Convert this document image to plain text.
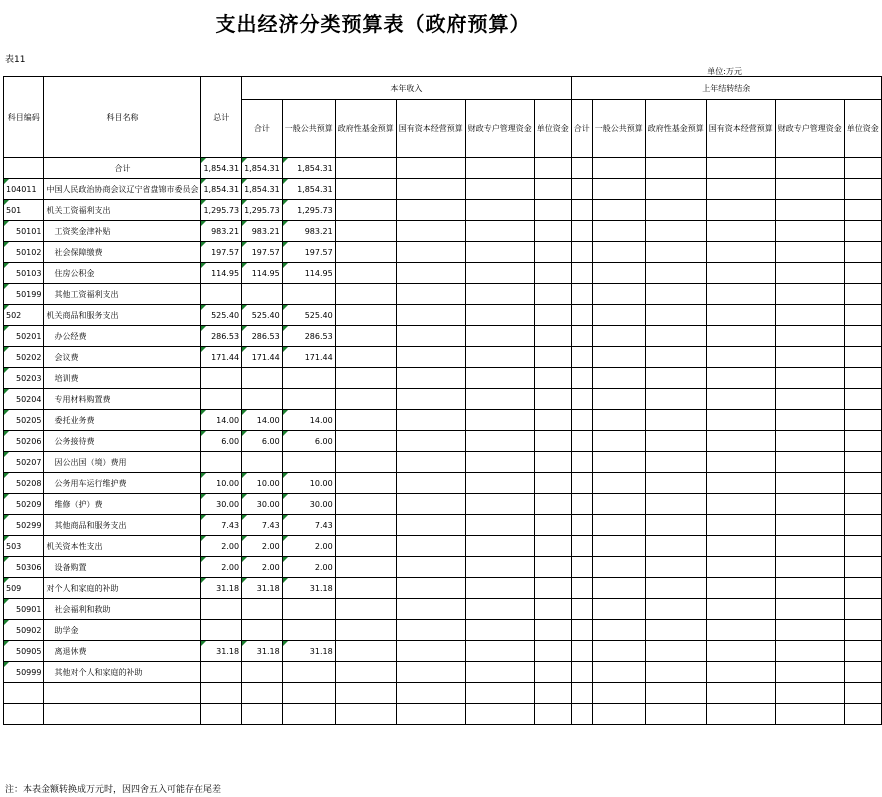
支出经济分类预算表（政府预算）
表11
单位:万元
科目编码	科目名称	总计	本年收入						上年结转结余					
			合计	一般公共预算	政府性基金预算	国有资本经营预算	财政专户管理资金	单位资金	合计	一般公共预算	政府性基金预算	国有资本经营预算	财政专户管理资金	单位资金
	合计	1,854.31	1,854.31	1,854.31										
104011	中国人民政治协商会议辽宁省盘锦市委员会	1,854.31	1,854.31	1,854.31										
501	机关工资福利支出	1,295.73	1,295.73	1,295.73										
50101	工资奖金津补贴	983.21	983.21	983.21										
50102	社会保障缴费	197.57	197.57	197.57										
50103	住房公积金	114.95	114.95	114.95										
50199	其他工资福利支出													
502	机关商品和服务支出	525.40	525.40	525.40										
50201	办公经费	286.53	286.53	286.53										
50202	会议费	171.44	171.44	171.44										
50203	培训费													
50204	专用材料购置费													
50205	委托业务费	14.00	14.00	14.00										
50206	公务接待费	6.00	6.00	6.00										
50207	因公出国（境）费用													
50208	公务用车运行维护费	10.00	10.00	10.00										
50209	维修（护）费	30.00	30.00	30.00										
50299	其他商品和服务支出	7.43	7.43	7.43										
503	机关资本性支出	2.00	2.00	2.00										
50306	设备购置	2.00	2.00	2.00										
509	对个人和家庭的补助	31.18	31.18	31.18										
50901	社会福利和救助													
50902	助学金													
50905	离退休费	31.18	31.18	31.18										
50999	其他对个人和家庭的补助													

注：本表金额转换成万元时，因四舍五入可能存在尾差
